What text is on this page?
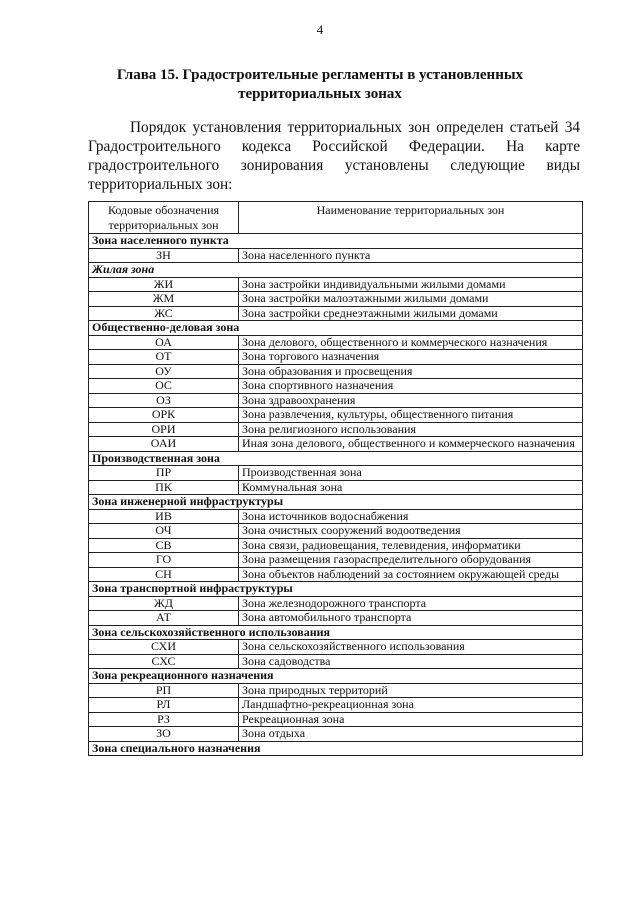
4
Глава 15. Градостроительные регламенты в установленных
территориальных зонах

Порядок установления территориальных зон определен статьей 34 Градостроительного кодекса Российской Федерации. На карте градостроительного зонирования установлены следующие виды территориальных зон:

Кодовые обозначения территориальных зон	Наименование территориальных зон
Зона населенного пункта	
ЗН	Зона населенного пункта
Жилая зона	
ЖИ	Зона застройки индивидуальными жилыми домами
ЖМ	Зона застройки малоэтажными жилыми домами
ЖС	Зона застройки среднеэтажными жилыми домами
Общественно-деловая зона	
ОА	Зона делового, общественного и коммерческого назначения
ОТ	Зона торгового назначения
ОУ	Зона образования и просвещения
ОС	Зона спортивного назначения
ОЗ	Зона здравоохранения
ОРК	Зона развлечения, культуры, общественного питания
ОРИ	Зона религиозного использования
ОАИ	Иная зона делового, общественного и коммерческого назначения
Производственная зона	
ПР	Производственная зона
ПК	Коммунальная зона
Зона инженерной инфраструктуры	
ИВ	Зона источников водоснабжения
ОЧ	Зона очистных сооружений водоотведения
СВ	Зона связи, радиовещания, телевидения, информатики
ГО	Зона размещения газораспределительного оборудования
СН	Зона объектов наблюдений за состоянием окружающей среды
Зона транспортной инфраструктуры	
ЖД	Зона железнодорожного транспорта
АТ	Зона автомобильного транспорта
Зона сельскохозяйственного использования	
СХИ	Зона сельскохозяйственного использования
СХС	Зона садоводства
Зона рекреационного назначения	
РП	Зона природных территорий
РЛ	Ландшафтно-рекреационная зона
РЗ	Рекреационная зона
ЗО	Зона отдыха
Зона специального назначения	
